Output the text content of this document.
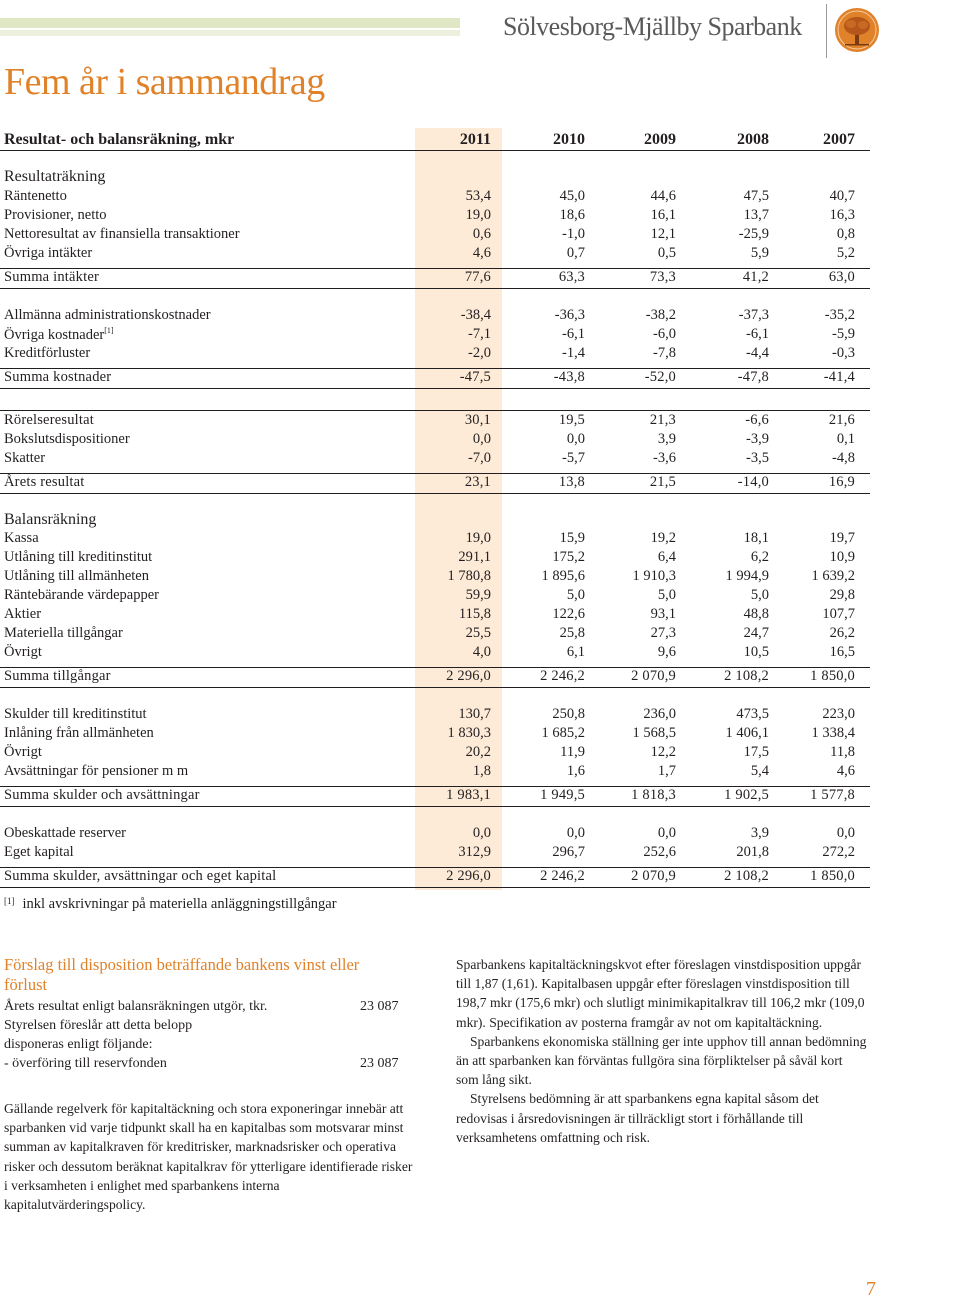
Sölvesborg-Mjällby Sparbank
Fem år i sammandrag
Resultat- och balansräkning, mkr	2011	2010	2009	2008	2007
Resultaträkning
Räntenetto	53,4	45,0	44,6	47,5	40,7
Provisioner, netto	19,0	18,6	16,1	13,7	16,3
Nettoresultat av finansiella transaktioner	0,6	-1,0	12,1	-25,9	0,8
Övriga intäkter	4,6	0,7	0,5	5,9	5,2
Summa intäkter	77,6	63,3	73,3	41,2	63,0
Allmänna administrationskostnader	-38,4	-36,3	-38,2	-37,3	-35,2
Övriga kostnader[1]	-7,1	-6,1	-6,0	-6,1	-5,9
Kreditförluster	-2,0	-1,4	-7,8	-4,4	-0,3
Summa kostnader	-47,5	-43,8	-52,0	-47,8	-41,4
Rörelseresultat	30,1	19,5	21,3	-6,6	21,6
Bokslutsdispositioner	0,0	0,0	3,9	-3,9	0,1
Skatter	-7,0	-5,7	-3,6	-3,5	-4,8
Årets resultat	23,1	13,8	21,5	-14,0	16,9
Balansräkning
Kassa	19,0	15,9	19,2	18,1	19,7
Utlåning till kreditinstitut	291,1	175,2	6,4	6,2	10,9
Utlåning till allmänheten	1 780,8	1 895,6	1 910,3	1 994,9	1 639,2
Räntebärande värdepapper	59,9	5,0	5,0	5,0	29,8
Aktier	115,8	122,6	93,1	48,8	107,7
Materiella tillgångar	25,5	25,8	27,3	24,7	26,2
Övrigt	4,0	6,1	9,6	10,5	16,5
Summa tillgångar	2 296,0	2 246,2	2 070,9	2 108,2	1 850,0
Skulder till kreditinstitut	130,7	250,8	236,0	473,5	223,0
Inlåning från allmänheten	1 830,3	1 685,2	1 568,5	1 406,1	1 338,4
Övrigt	20,2	11,9	12,2	17,5	11,8
Avsättningar för pensioner m m	1,8	1,6	1,7	5,4	4,6
Summa skulder och avsättningar	1 983,1	1 949,5	1 818,3	1 902,5	1 577,8
Obeskattade reserver	0,0	0,0	0,0	3,9	0,0
Eget kapital	312,9	296,7	252,6	201,8	272,2
Summa skulder, avsättningar och eget kapital	2 296,0	2 246,2	2 070,9	2 108,2	1 850,0
[1] inkl avskrivningar på materiella anläggningstillgångar
Förslag till disposition beträffande bankens vinst eller förlust
Årets resultat enligt balansräkningen utgör, tkr.	23 087
Styrelsen föreslår att detta belopp
disponeras enligt följande:
- överföring till reservfonden	23 087
Gällande regelverk för kapitaltäckning och stora exponeringar innebär att sparbanken vid varje tidpunkt skall ha en kapitalbas som motsvarar minst summan av kapitalkraven för kreditrisker, marknadsrisker och operativa risker och dessutom beräknat kapitalkrav för ytterligare identifierade risker i verksamheten i enlighet med sparbankens interna kapitalutvärderingspolicy.

Sparbankens kapitaltäckningskvot efter föreslagen vinstdisposition uppgår till 1,87 (1,61). Kapitalbasen uppgår efter föreslagen vinstdisposition till 198,7 mkr (175,6 mkr) och slutligt minimikapitalkrav till 106,2 mkr (109,0 mkr). Specifikation av posterna framgår av not om kapitaltäckning.

Sparbankens ekonomiska ställning ger inte upphov till annan bedömning än att sparbanken kan förväntas fullgöra sina förpliktelser på såväl kort som lång sikt.

Styrelsens bedömning är att sparbankens egna kapital såsom det redovisas i årsredovisningen är tillräckligt stort i förhållande till verksamhetens omfattning och risk.

7
